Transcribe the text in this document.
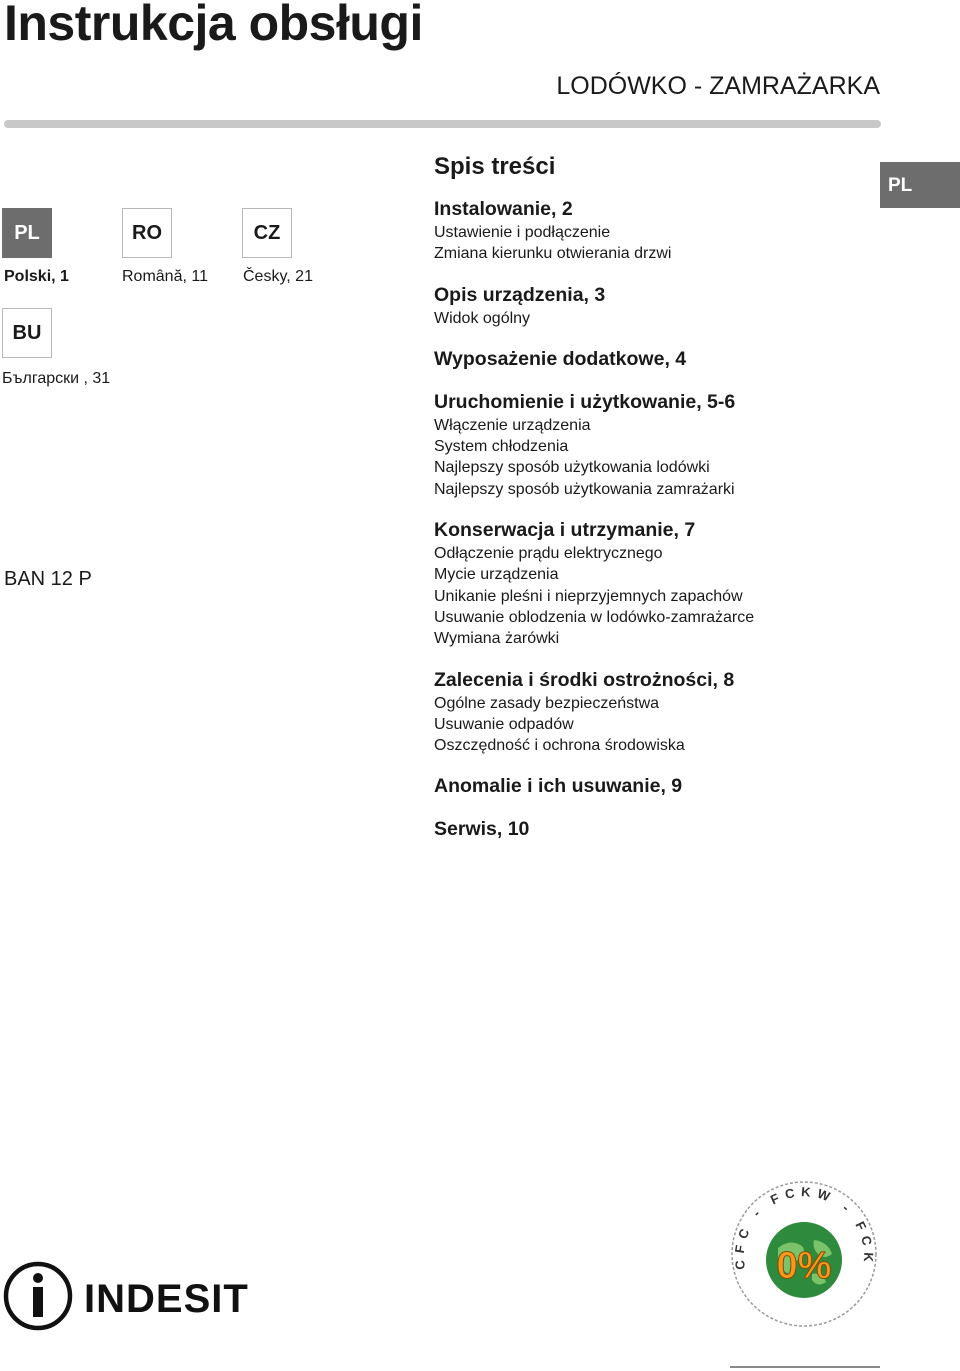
Instrukcja obsługi
LODÓWKO - ZAMRAŻARKA
PL
PL	RO	CZ
BU
Polski, 1	Română, 11 Česky, 21
Български , 31
BAN 12 P
Spis treści
Instalowanie, 2
Ustawienie i podłączenie
Zmiana kierunku otwierania drzwi
Opis urządzenia, 3
Widok ogólny
Wyposażenie dodatkowe, 4
Uruchomienie i użytkowanie, 5-6
Włączenie urządzenia
System chłodzenia
Najlepszy sposób użytkowania lodówki
Najlepszy sposób użytkowania zamrażarki
Konserwacja i utrzymanie, 7
Odłączenie prądu elektrycznego
Mycie urządzenia
Unikanie pleśni i nieprzyjemnych zapachów
Usuwanie oblodzenia w lodówko-zamrażarce
Wymiana żarówki
Zalecenia i środki ostrożności, 8
Ogólne zasady bezpieczeństwa
Usuwanie odpadów
Oszczędność i ochrona środowiska
Anomalie i ich usuwanie, 9
Serwis, 10
INDESIT
CFC - FCKW - FCK
0%
